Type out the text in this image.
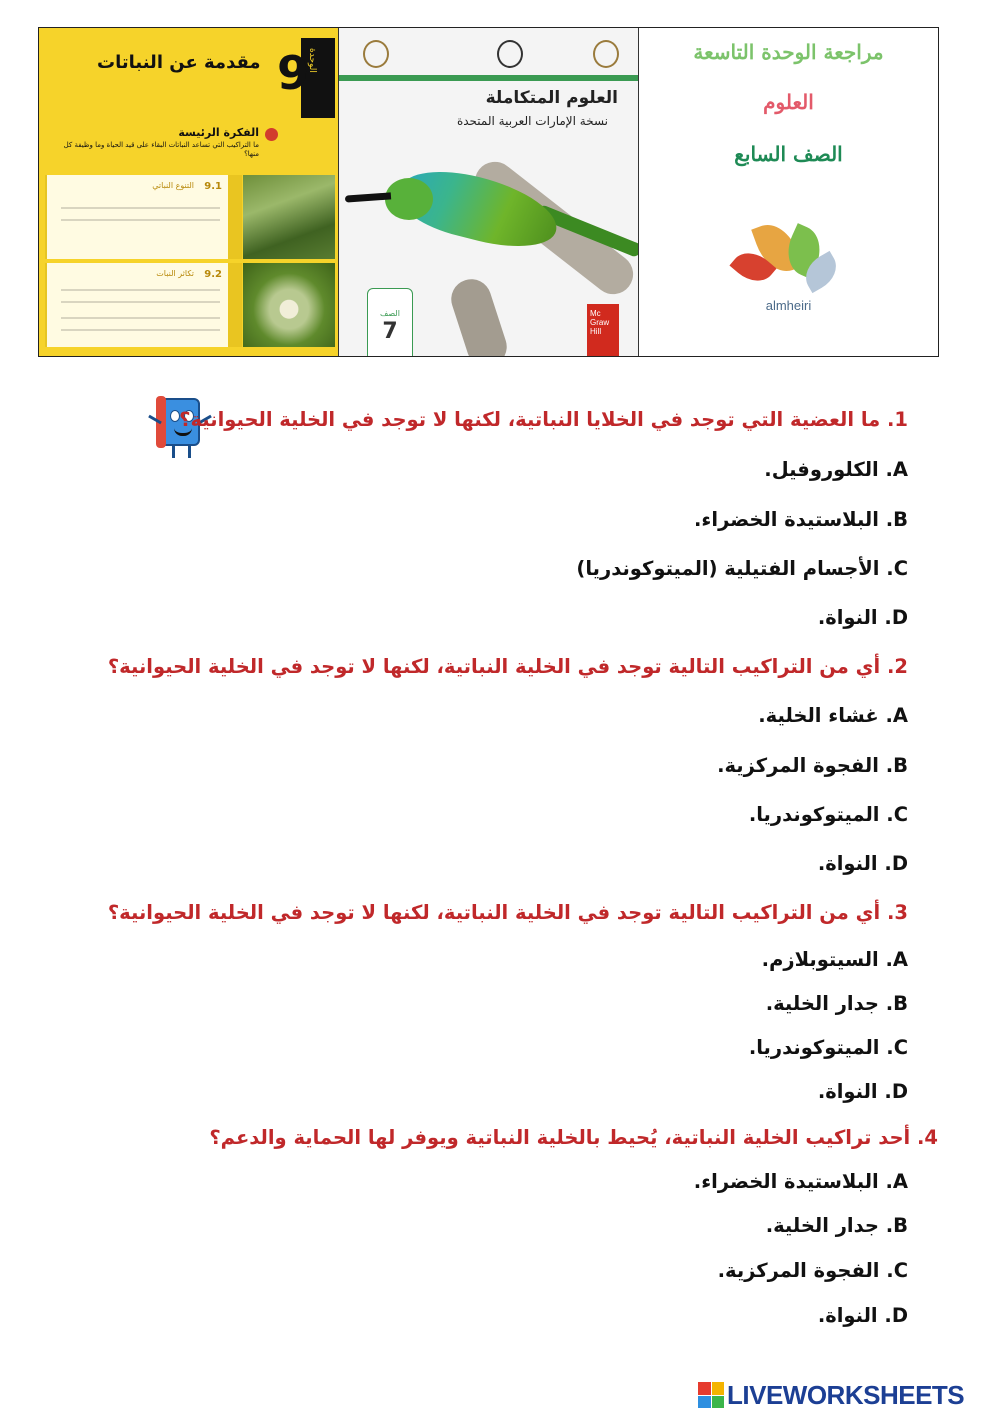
9
الوحدة
مقدمة عن النباتات
الفكرة الرئيسة
ما التراكيب التي تساعد النباتات البقاء على قيد الحياة وما وظيفة كل منها؟
9.1
التنوع النباتي
9.2
تكاثر النبات
العلوم المتكاملة
نسخة الإمارات العربية المتحدة
الصف
7
Mc Graw Hill
مراجعة الوحدة التاسعة
العلوم
الصف السابع
almheiri
1. ما العضية التي توجد في الخلايا النباتية، لكنها لا توجد في الخلية الحيوانية؟
A. الكلوروفيل.
B. البلاستيدة الخضراء.
C. الأجسام الفتيلية (الميتوكوندريا)
D. النواة.
2. أي من التراكيب التالية توجد في الخلية النباتية، لكنها لا توجد في الخلية الحيوانية؟
A. غشاء الخلية.
B. الفجوة المركزية.
C. الميتوكوندريا.
D. النواة.
3. أي من التراكيب التالية توجد في الخلية النباتية، لكنها لا توجد في الخلية الحيوانية؟
A. السيتوبلازم.
B. جدار الخلية.
C. الميتوكوندريا.
D. النواة.
4. أحد تراكيب الخلية النباتية، يُحيط بالخلية النباتية ويوفر لها الحماية والدعم؟
A. البلاستيدة الخضراء.
B. جدار الخلية.
C. الفجوة المركزية.
D. النواة.
LIVEWORKSHEETS
